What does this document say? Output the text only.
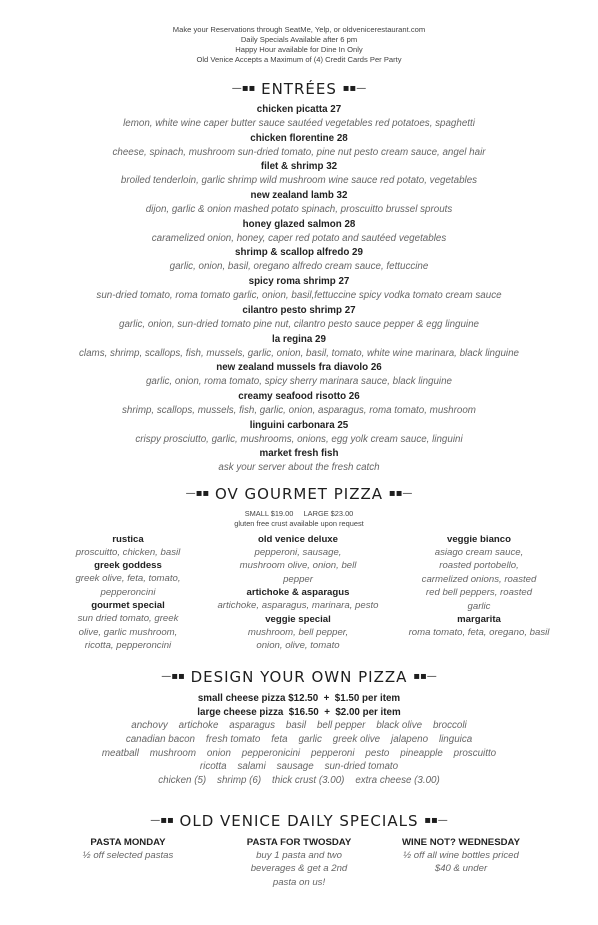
Make your Reservations through SeatMe, Yelp, or oldvenicerestaurant.com

Daily Specials Available after 6 pm

Happy Hour available for Dine In Only

Old Venice Accepts a Maximum of (4) Credit Cards Per Party

—▪▪ ENTRÉES ▪▪—
chicken picatta 27
lemon, white wine caper butter sauce sautéed vegetables red potatoes, spaghetti
chicken florentine 28
cheese, spinach, mushroom sun-dried tomato, pine nut pesto cream sauce, angel hair
filet & shrimp 32
broiled tenderloin, garlic shrimp wild mushroom wine sauce red potato, vegetables
new zealand lamb 32
dijon, garlic & onion mashed potato spinach, proscuitto brussel sprouts
honey glazed salmon 28
caramelized onion, honey, caper red potato and sautéed vegetables
shrimp & scallop alfredo 29
garlic, onion, basil, oregano alfredo cream sauce, fettuccine
spicy roma shrimp 27
sun-dried tomato, roma tomato garlic, onion, basil,fettuccine spicy vodka tomato cream sauce
cilantro pesto shrimp 27
garlic, onion, sun-dried tomato pine nut, cilantro pesto sauce pepper & egg linguine
la regina 29
clams, shrimp, scallops, fish, mussels, garlic, onion, basil, tomato, white wine marinara, black linguine
new zealand mussels fra diavolo 26
garlic, onion, roma tomato, spicy sherry marinara sauce, black linguine
creamy seafood risotto 26
shrimp, scallops, mussels, fish, garlic, onion, asparagus, roma tomato, mushroom
linguini carbonara 25
crispy prosciutto, garlic, mushrooms, onions, egg yolk cream sauce, linguini
market fresh fish
ask your server about the fresh catch
—▪▪ OV GOURMET PIZZA ▪▪—
SMALL $19.00     LARGE $23.00
gluten free crust available upon request
rustica
proscuitto, chicken, basil
greek goddess
greek olive, feta, tomato,
pepperoncini
gourmet special
sun dried tomato, greek
olive, garlic mushroom,
ricotta, pepperoncini
old venice deluxe
pepperoni, sausage,
mushroom olive, onion, bell
pepper
artichoke & asparagus
artichoke, asparagus, marinara, pesto
veggie special
mushroom, bell pepper,
onion, olive, tomato
veggie bianco
asiago cream sauce,
roasted portobello,
carmelized onions, roasted
red bell peppers, roasted
garlic
margarita
roma tomato, feta, oregano, basil
—▪▪ DESIGN YOUR OWN PIZZA ▪▪—
small cheese pizza $12.50  +  $1.50 per item
large cheese pizza  $16.50  +  $2.00 per item
anchovy    artichoke    asparagus    basil    bell pepper    black olive    broccoli
canadian bacon    fresh tomato    feta    garlic    greek olive    jalapeno    linguica
meatball    mushroom    onion    pepperonicini    pepperoni    pesto    pineapple    proscuitto
ricotta    salami    sausage    sun-dried tomato
chicken (5)    shrimp (6)    thick crust (3.00)    extra cheese (3.00)
—▪▪ OLD VENICE DAILY SPECIALS ▪▪—
PASTA MONDAY
½ off selected pastas
PASTA FOR TWOSDAY
buy 1 pasta and two
beverages & get a 2nd
pasta on us!
WINE NOT? WEDNESDAY
½ off all wine bottles priced
$40 & under
